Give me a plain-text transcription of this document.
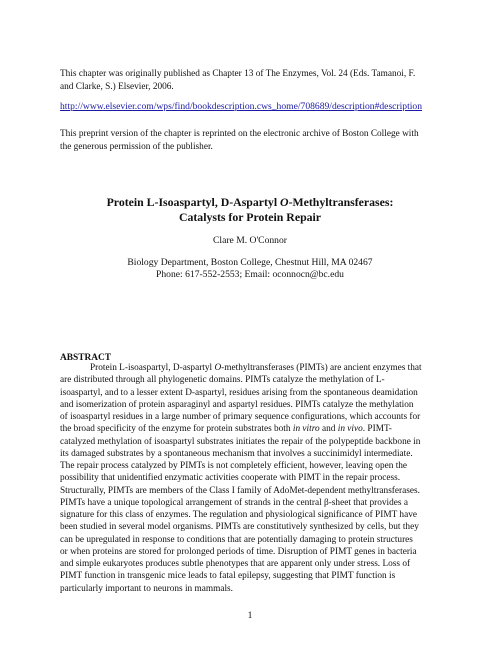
This chapter was originally published as Chapter 13 of The Enzymes, Vol. 24 (Eds. Tamanoi, F.
and Clarke, S.) Elsevier, 2006.
http://www.elsevier.com/wps/find/bookdescription.cws_home/708689/description#description
This preprint version of the chapter is reprinted on the electronic archive of Boston College with
the generous permission of the publisher.
Protein L-Isoaspartyl, D-Aspartyl O-Methyltransferases:
Catalysts for Protein Repair
Clare M. O'Connor
Biology Department, Boston College, Chestnut Hill, MA 02467
Phone: 617-552-2553; Email: oconnocn@bc.edu
ABSTRACT
Protein L-isoaspartyl, D-aspartyl O-methyltransferases (PIMTs) are ancient enzymes that
are distributed through all phylogenetic domains. PIMTs catalyze the methylation of L-
isoaspartyl, and to a lesser extent D-aspartyl, residues arising from the spontaneous deamidation
and isomerization of protein asparaginyl and aspartyl residues. PIMTs catalyze the methylation
of isoaspartyl residues in a large number of primary sequence configurations, which accounts for
the broad specificity of the enzyme for protein substrates both in vitro and in vivo. PIMT-
catalyzed methylation of isoaspartyl substrates initiates the repair of the polypeptide backbone in
its damaged substrates by a spontaneous mechanism that involves a succinimidyl intermediate.
The repair process catalyzed by PIMTs is not completely efficient, however, leaving open the
possibility that unidentified enzymatic activities cooperate with PIMT in the repair process.
Structurally, PIMTs are members of the Class I family of AdoMet-dependent methyltransferases.
PIMTs have a unique topological arrangement of strands in the central β-sheet that provides a
signature for this class of enzymes. The regulation and physiological significance of PIMT have
been studied in several model organisms. PIMTs are constitutively synthesized by cells, but they
can be upregulated in response to conditions that are potentially damaging to protein structures
or when proteins are stored for prolonged periods of time. Disruption of PIMT genes in bacteria
and simple eukaryotes produces subtle phenotypes that are apparent only under stress. Loss of
PIMT function in transgenic mice leads to fatal epilepsy, suggesting that PIMT function is
particularly important to neurons in mammals.
1
